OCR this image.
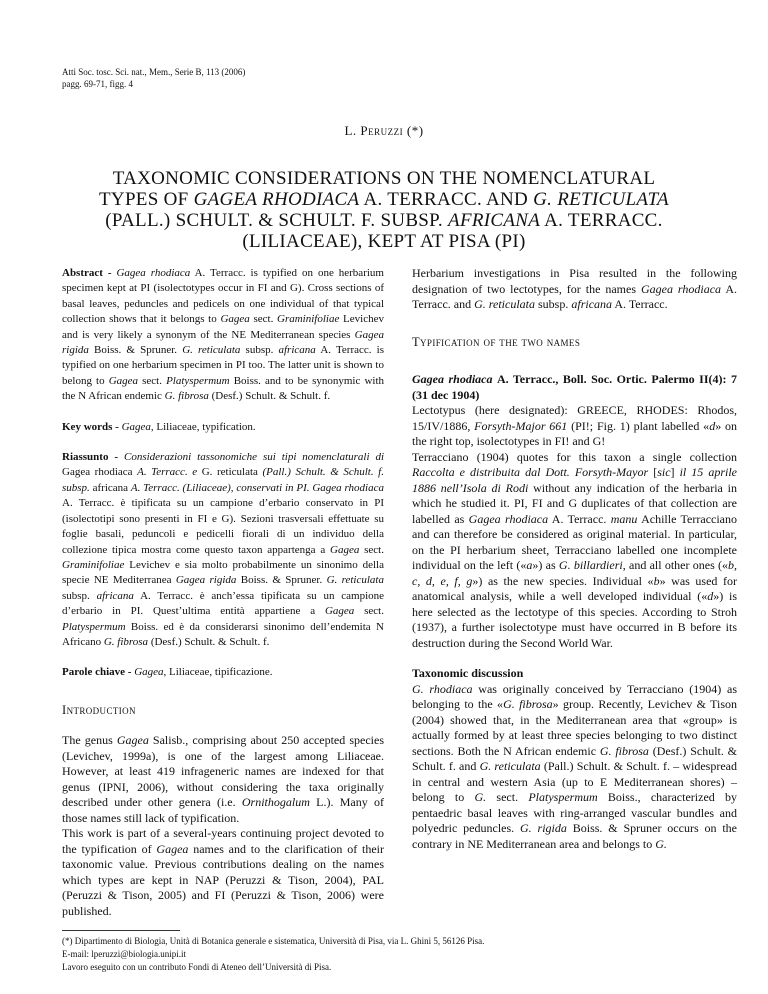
Atti Soc. tosc. Sci. nat., Mem., Serie B, 113 (2006)
pagg. 69-71, figg. 4
L. Peruzzi (*)
TAXONOMIC CONSIDERATIONS ON THE NOMENCLATURAL
TYPES OF GAGEA RHODIACA A. TERRACC. AND G. RETICULATA
(PALL.) SCHULT. & SCHULT. F. SUBSP. AFRICANA A. TERRACC.
(LILIACEAE), KEPT AT PISA (PI)

Abstract - Gagea rhodiaca A. Terracc. is typified on one herbarium specimen kept at PI (isolectotypes occur in FI and G). Cross sections of basal leaves, peduncles and pedicels on one individual of that typical collection shows that it belongs to Gagea sect. Graminifoliae Levichev and is very likely a synonym of the NE Mediterranean species Gagea rigida Boiss. & Spruner. G. reticulata subsp. africana A. Terracc. is typified on one herbarium specimen in PI too. The latter unit is shown to belong to Gagea sect. Platyspermum Boiss. and to be synonymic with the N African endemic G. fibrosa (Desf.) Schult. & Schult. f.

Key words - Gagea, Liliaceae, typification.

Riassunto - Considerazioni tassonomiche sui tipi nomenclaturali di Gagea rhodiaca A. Terracc. e G. reticulata (Pall.) Schult. & Schult. f. subsp. africana A. Terracc. (Liliaceae), conservati in PI. Gagea rhodiaca A. Terracc. è tipificata su un campione d’erbario conservato in PI (isolectotipi sono presenti in FI e G). Sezioni trasversali effettuate su foglie basali, peduncoli e pedicelli fiorali di un individuo della collezione tipica mostra come questo taxon appartenga a Gagea sect. Graminifoliae Levichev e sia molto probabilmente un sinonimo della specie NE Mediterranea Gagea rigida Boiss. & Spruner. G. reticulata subsp. africana A. Terracc. è anch’essa tipificata su un campione d’erbario in PI. Quest’ultima entità appartiene a Gagea sect. Platyspermum Boiss. ed è da considerarsi sinonimo dell’endemita N Africano G. fibrosa (Desf.) Schult. & Schult. f.

Parole chiave - Gagea, Liliaceae, tipificazione.

Introduction

The genus Gagea Salisb., comprising about 250 accepted species (Levichev, 1999a), is one of the largest among Liliaceae. However, at least 419 infrageneric names are indexed for that genus (IPNI, 2006), without considering the taxa originally described under other genera (i.e. Ornithogalum L.). Many of those names still lack of typification.

This work is part of a several-years continuing project devoted to the typification of Gagea names and to the clarification of their taxonomic value. Previous contributions dealing on the names which types are kept in NAP (Peruzzi & Tison, 2004), PAL (Peruzzi & Tison, 2005) and FI (Peruzzi & Tison, 2006) were published.

Herbarium investigations in Pisa resulted in the following designation of two lectotypes, for the names Gagea rhodiaca A. Terracc. and G. reticulata subsp. africana A. Terracc.

Typification of the two names

Gagea rhodiaca A. Terracc., Boll. Soc. Ortic. Palermo II(4): 7 (31 dec 1904)

Lectotypus (here designated): GREECE, RHODES: Rhodos, 15/IV/1886, Forsyth-Major 661 (PI!; Fig. 1) plant labelled «d» on the right top, isolectotypes in FI! and G!

Terracciano (1904) quotes for this taxon a single collection Raccolta e distribuita dal Dott. Forsyth-Mayor [sic] il 15 aprile 1886 nell’Isola di Rodi without any indication of the herbaria in which he studied it. PI, FI and G duplicates of that collection are labelled as Gagea rhodiaca A. Terracc. manu Achille Terracciano and can therefore be considered as original material. In particular, on the PI herbarium sheet, Terracciano labelled one incomplete individual on the left («a») as G. billardieri, and all other ones («b, c, d, e, f, g») as the new species. Individual «b» was used for anatomical analysis, while a well developed individual («d») is here selected as the lectotype of this species. According to Stroh (1937), a further isolectotype must have occurred in B before its destruction during the Second World War.

Taxonomic discussion

G. rhodiaca was originally conceived by Terracciano (1904) as belonging to the «G. fibrosa» group. Recently, Levichev & Tison (2004) showed that, in the Mediterranean area that «group» is actually formed by at least three species belonging to two distinct sections. Both the N African endemic G. fibrosa (Desf.) Schult. & Schult. f. and G. reticulata (Pall.) Schult. & Schult. f. – widespread in central and western Asia (up to E Mediterranean shores) – belong to G. sect. Platyspermum Boiss., characterized by pentaedric basal leaves with ring-arranged vascular bundles and polyedric peduncles. G. rigida Boiss. & Spruner occurs on the contrary in NE Mediterranean area and belongs to G.

(*) Dipartimento di Biologia, Unità di Botanica generale e sistematica, Università di Pisa, via L. Ghini 5, 56126 Pisa.
E-mail: lperuzzi@biologia.unipi.it
Lavoro eseguito con un contributo Fondi di Ateneo dell’Università di Pisa.
